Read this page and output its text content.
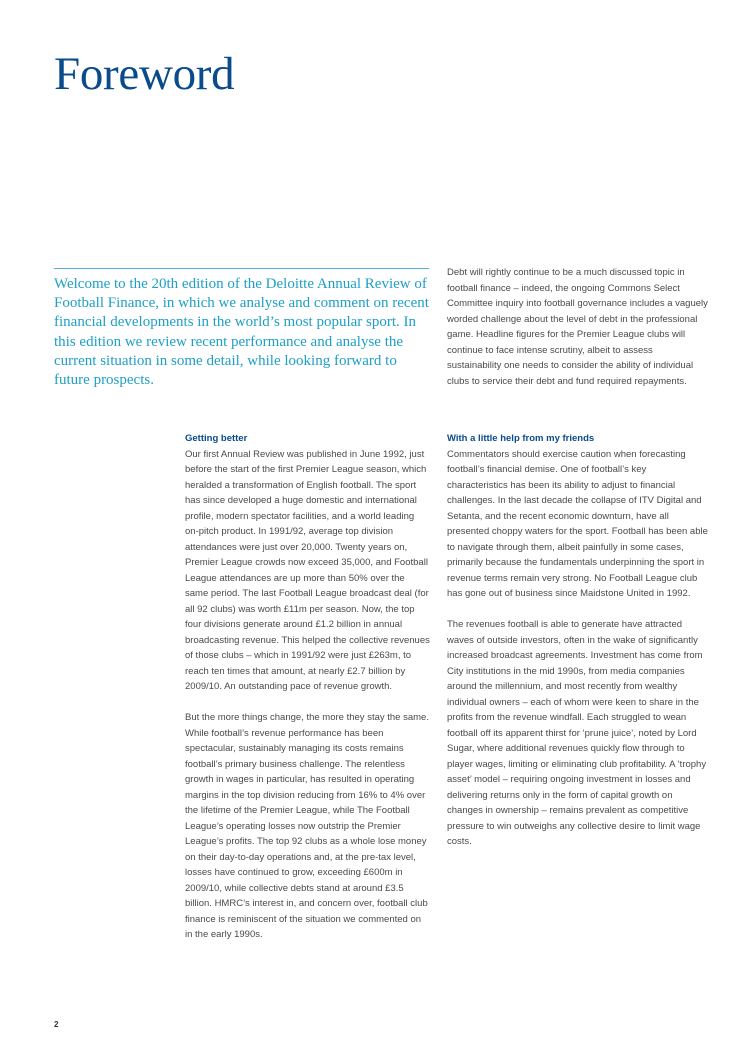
Foreword

Welcome to the 20th edition of the Deloitte Annual Review of Football Finance, in which we analyse and comment on recent financial developments in the world’s most popular sport. In this edition we review recent performance and analyse the current situation in some detail, while looking forward to future prospects.

Debt will rightly continue to be a much discussed topic in football finance – indeed, the ongoing Commons Select Committee inquiry into football governance includes a vaguely worded challenge about the level of debt in the professional game. Headline figures for the Premier League clubs will continue to face intense scrutiny, albeit to assess sustainability one needs to consider the ability of individual clubs to service their debt and fund required repayments.

Getting better

Our first Annual Review was published in June 1992, just before the start of the first Premier League season, which heralded a transformation of English football. The sport has since developed a huge domestic and international profile, modern spectator facilities, and a world leading on-pitch product. In 1991/92, average top division attendances were just over 20,000. Twenty years on, Premier League crowds now exceed 35,000, and Football League attendances are up more than 50% over the same period. The last Football League broadcast deal (for all 92 clubs) was worth £11m per season. Now, the top four divisions generate around £1.2 billion in annual broadcasting revenue. This helped the collective revenues of those clubs – which in 1991/92 were just £263m, to reach ten times that amount, at nearly £2.7 billion by 2009/10. An outstanding pace of revenue growth.

But the more things change, the more they stay the same. While football’s revenue performance has been spectacular, sustainably managing its costs remains football’s primary business challenge. The relentless growth in wages in particular, has resulted in operating margins in the top division reducing from 16% to 4% over the lifetime of the Premier League, while The Football League’s operating losses now outstrip the Premier League’s profits. The top 92 clubs as a whole lose money on their day-to-day operations and, at the pre-tax level, losses have continued to grow, exceeding £600m in 2009/10, while collective debts stand at around £3.5 billion. HMRC’s interest in, and concern over, football club finance is reminiscent of the situation we commented on in the early 1990s.

With a little help from my friends

Commentators should exercise caution when forecasting football’s financial demise. One of football’s key characteristics has been its ability to adjust to financial challenges. In the last decade the collapse of ITV Digital and Setanta, and the recent economic downturn, have all presented choppy waters for the sport. Football has been able to navigate through them, albeit painfully in some cases, primarily because the fundamentals underpinning the sport in revenue terms remain very strong. No Football League club has gone out of business since Maidstone United in 1992.

The revenues football is able to generate have attracted waves of outside investors, often in the wake of significantly increased broadcast agreements. Investment has come from City institutions in the mid 1990s, from media companies around the millennium, and most recently from wealthy individual owners – each of whom were keen to share in the profits from the revenue windfall. Each struggled to wean football off its apparent thirst for ‘prune juice’, noted by Lord Sugar, where additional revenues quickly flow through to player wages, limiting or eliminating club profitability. A ‘trophy asset’ model – requiring ongoing investment in losses and delivering returns only in the form of capital growth on changes in ownership – remains prevalent as competitive pressure to win outweighs any collective desire to limit wage costs.

2
